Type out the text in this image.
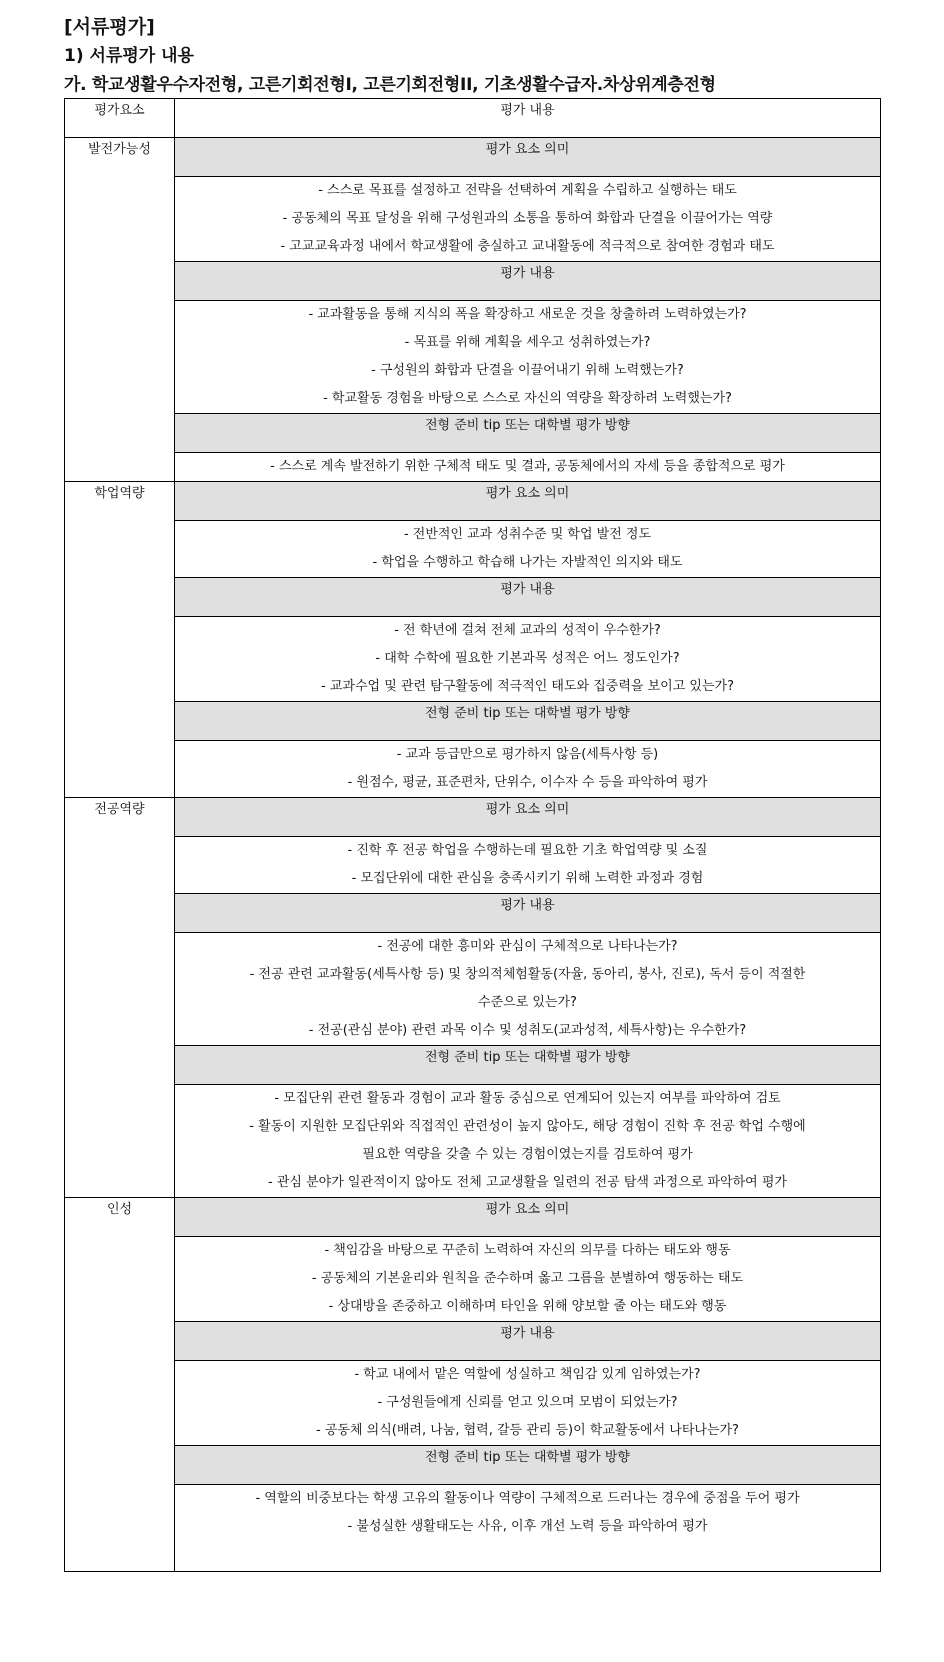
[서류평가]
1) 서류평가 내용
가. 학교생활우수자전형, 고른기회전형I, 고른기회전형II, 기초생활수급자.차상위계층전형
평가요소	평가 내용
발전가능성	평가 요소 의미

	- 스스로 목표를 설정하고 전략을 선택하여 계획을 수립하고 실행하는 태도
- 공동체의 목표 달성을 위해 구성원과의 소통을 통하여 화합과 단결을 이끌어가는 역량
- 고교교육과정 내에서 학교생활에 충실하고 교내활동에 적극적으로 참여한 경험과 태도

	평가 내용

	- 교과활동을 통해 지식의 폭을 확장하고 새로운 것을 창출하려 노력하였는가?
- 목표를 위해 계획을 세우고 성취하였는가?
- 구성원의 화합과 단결을 이끌어내기 위해 노력했는가?
- 학교활동 경험을 바탕으로 스스로 자신의 역량을 확장하려 노력했는가?

	전형 준비 tip 또는 대학별 평가 방향

	- 스스로 계속 발전하기 위한 구체적 태도 및 결과, 공동체에서의 자세 등을 종합적으로 평가

학업역량	평가 요소 의미

	- 전반적인 교과 성취수준 및 학업 발전 정도
- 학업을 수행하고 학습해 나가는 자발적인 의지와 태도

	평가 내용

	- 전 학년에 걸쳐 전체 교과의 성적이 우수한가?
- 대학 수학에 필요한 기본과목 성적은 어느 정도인가?
- 교과수업 및 관련 탐구활동에 적극적인 태도와 집중력을 보이고 있는가?

	전형 준비 tip 또는 대학별 평가 방향

	- 교과 등급만으로 평가하지 않음(세특사항 등)
- 원점수, 평균, 표준편차, 단위수, 이수자 수 등을 파악하여 평가

전공역량	평가 요소 의미

	- 진학 후 전공 학업을 수행하는데 필요한 기초 학업역량 및 소질
- 모집단위에 대한 관심을 충족시키기 위해 노력한 과정과 경험

	평가 내용

	- 전공에 대한 흥미와 관심이 구체적으로 나타나는가?
- 전공 관련 교과활동(세특사항 등) 및 창의적체험활동(자율, 동아리, 봉사, 진로), 독서 등이 적절한
수준으로 있는가?
- 전공(관심 분야) 관련 과목 이수 및 성취도(교과성적, 세특사항)는 우수한가?

	전형 준비 tip 또는 대학별 평가 방향

	- 모집단위 관련 활동과 경험이 교과 활동 중심으로 연계되어 있는지 여부를 파악하여 검토
- 활동이 지원한 모집단위와 직접적인 관련성이 높지 않아도, 해당 경험이 진학 후 전공 학업 수행에
필요한 역량을 갖출 수 있는 경험이였는지를 검토하여 평가
- 관심 분야가 일관적이지 않아도 전체 고교생활을 일련의 전공 탐색 과정으로 파악하여 평가

인성	평가 요소 의미

	- 책임감을 바탕으로 꾸준히 노력하여 자신의 의무를 다하는 태도와 행동
- 공동체의 기본윤리와 원칙을 준수하며 옳고 그름을 분별하여 행동하는 태도
- 상대방을 존중하고 이해하며 타인을 위해 양보할 줄 아는 태도와 행동

	평가 내용

	- 학교 내에서 맡은 역할에 성실하고 책임감 있게 임하였는가?
- 구성원들에게 신뢰를 얻고 있으며 모범이 되었는가?
- 공동체 의식(배려, 나눔, 협력, 갈등 관리 등)이 학교활동에서 나타나는가?

	전형 준비 tip 또는 대학별 평가 방향

	- 역할의 비중보다는 학생 고유의 활동이나 역량이 구체적으로 드러나는 경우에 중점을 두어 평가
- 불성실한 생활태도는 사유, 이후 개선 노력 등을 파악하여 평가
